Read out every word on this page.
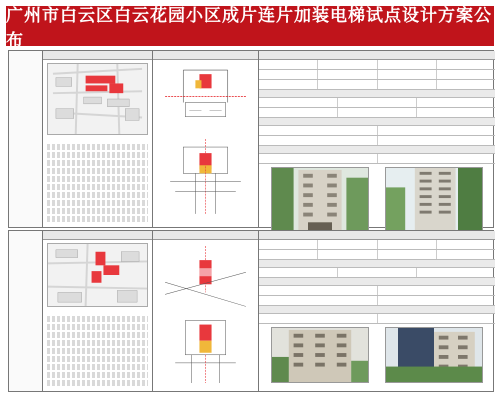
广州市白云区白云花园小区成片连片加装电梯试点设计方案公布
